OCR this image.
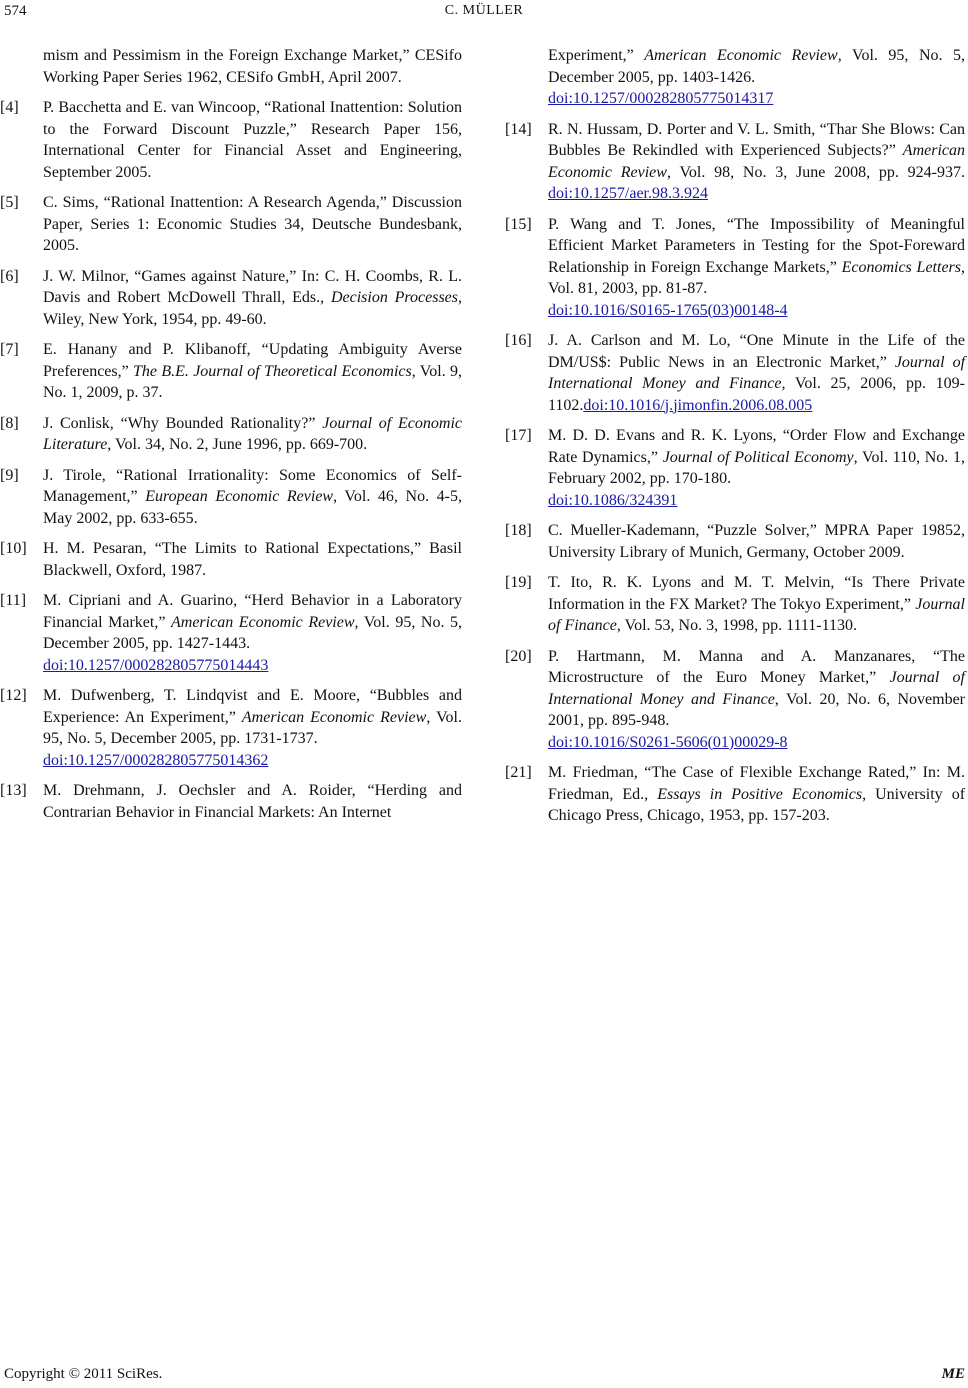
574	C. MÜLLER
mism and Pessimism in the Foreign Exchange Market,” CESifo Working Paper Series 1962, CESifo GmbH, April 2007.
[4] P. Bacchetta and E. van Wincoop, “Rational Inattention: Solution to the Forward Discount Puzzle,” Research Paper 156, International Center for Financial Asset and Engineering, September 2005.
[5] C. Sims, “Rational Inattention: A Research Agenda,” Discussion Paper, Series 1: Economic Studies 34, Deutsche Bundesbank, 2005.
[6] J. W. Milnor, “Games against Nature,” In: C. H. Coombs, R. L. Davis and Robert McDowell Thrall, Eds., Decision Processes, Wiley, New York, 1954, pp. 49-60.
[7] E. Hanany and P. Klibanoff, “Updating Ambiguity Averse Preferences,” The B.E. Journal of Theoretical Economics, Vol. 9, No. 1, 2009, p. 37.
[8] J. Conlisk, “Why Bounded Rationality?” Journal of Economic Literature, Vol. 34, No. 2, June 1996, pp. 669-700.
[9] J. Tirole, “Rational Irrationality: Some Economics of Self-Management,” European Economic Review, Vol. 46, No. 4-5, May 2002, pp. 633-655.
[10] H. M. Pesaran, “The Limits to Rational Expectations,” Basil Blackwell, Oxford, 1987.
[11] M. Cipriani and A. Guarino, “Herd Behavior in a Laboratory Financial Market,” American Economic Review, Vol. 95, No. 5, December 2005, pp. 1427-1443.
doi:10.1257/000282805775014443
[12] M. Dufwenberg, T. Lindqvist and E. Moore, “Bubbles and Experience: An Experiment,” American Economic Review, Vol. 95, No. 5, December 2005, pp. 1731-1737.
doi:10.1257/000282805775014362
[13] M. Drehmann, J. Oechsler and A. Roider, “Herding and Contrarian Behavior in Financial Markets: An Internet
Experiment,” American Economic Review, Vol. 95, No. 5, December 2005, pp. 1403-1426.
doi:10.1257/000282805775014317
[14] R. N. Hussam, D. Porter and V. L. Smith, “Thar She Blows: Can Bubbles Be Rekindled with Experienced Subjects?” American Economic Review, Vol. 98, No. 3, June 2008, pp. 924-937. doi:10.1257/aer.98.3.924
[15] P. Wang and T. Jones, “The Impossibility of Meaningful Efficient Market Parameters in Testing for the Spot-Foreward Relationship in Foreign Exchange Markets,” Economics Letters, Vol. 81, 2003, pp. 81-87.
doi:10.1016/S0165-1765(03)00148-4
[16] J. A. Carlson and M. Lo, “One Minute in the Life of the DM/US$: Public News in an Electronic Market,” Journal of International Money and Finance, Vol. 25, 2006, pp. 109-1102.doi:10.1016/j.jimonfin.2006.08.005
[17] M. D. D. Evans and R. K. Lyons, “Order Flow and Exchange Rate Dynamics,” Journal of Political Economy, Vol. 110, No. 1, February 2002, pp. 170-180.
doi:10.1086/324391
[18] C. Mueller-Kademann, “Puzzle Solver,” MPRA Paper 19852, University Library of Munich, Germany, October 2009.
[19] T. Ito, R. K. Lyons and M. T. Melvin, “Is There Private Information in the FX Market? The Tokyo Experiment,” Journal of Finance, Vol. 53, No. 3, 1998, pp. 1111-1130.
[20] P. Hartmann, M. Manna and A. Manzanares, “The Microstructure of the Euro Money Market,” Journal of International Money and Finance, Vol. 20, No. 6, November 2001, pp. 895-948.
doi:10.1016/S0261-5606(01)00029-8
[21] M. Friedman, “The Case of Flexible Exchange Rated,” In: M. Friedman, Ed., Essays in Positive Economics, University of Chicago Press, Chicago, 1953, pp. 157-203.
Copyright © 2011 SciRes.	ME
